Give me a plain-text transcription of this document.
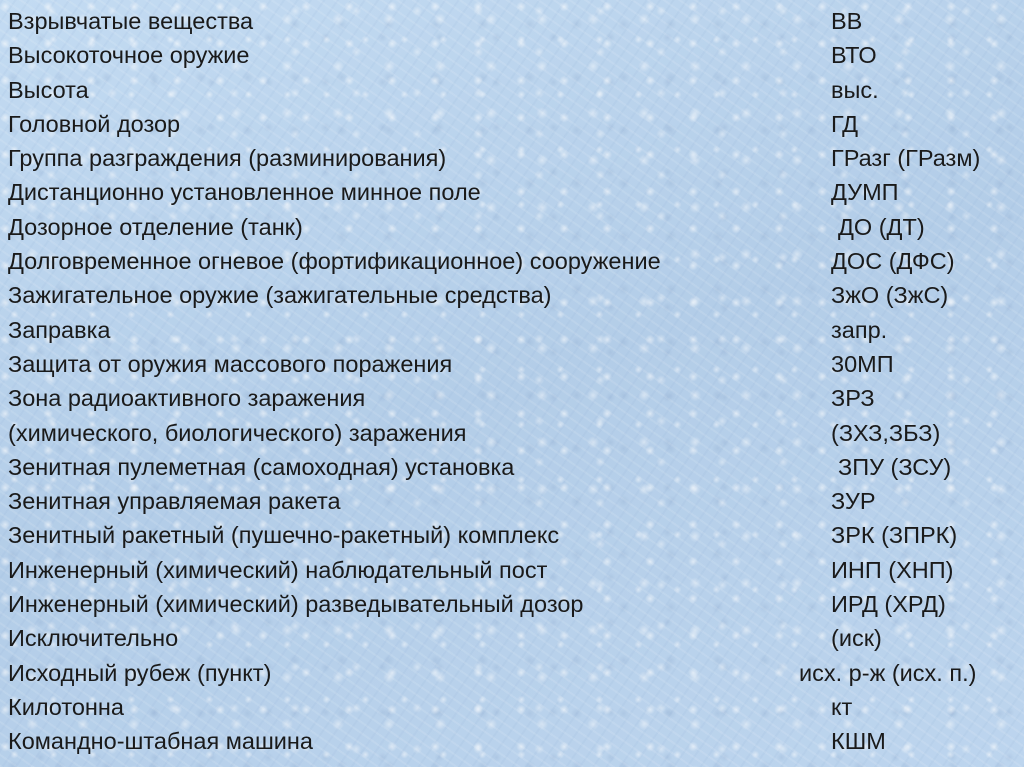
Взрывчатые вещества	ВВ
Высокоточное оружие	ВТО
Высота	выс.
Головной дозор	ГД
Группа разграждения (разминирования)	ГРазг (ГРазм)
Дистанционно установленное минное поле	ДУМП
Дозорное отделение (танк)	ДО (ДТ)
Долговременное огневое (фортификационное) сооружение	ДОС (ДФС)
Зажигательное оружие (зажигательные средства)	ЗжО (ЗжС)
Заправка	запр.
Защита от оружия массового поражения	30МП
Зона радиоактивного заражения	ЗРЗ
(химического, биологического) заражения	(ЗХЗ,ЗБЗ)
Зенитная пулеметная (самоходная) установка	ЗПУ (ЗСУ)
Зенитная управляемая ракета	ЗУР
Зенитный ракетный (пушечно-ракетный) комплекс	ЗРК (ЗПРК)
Инженерный (химический) наблюдательный пост	ИНП (ХНП)
Инженерный (химический) разведывательный дозор	ИРД (ХРД)
Исключительно	(иск)
Исходный рубеж (пункт)	исх. р-ж (исх. п.)
Килотонна	кт
Командно-штабная машина	КШМ
